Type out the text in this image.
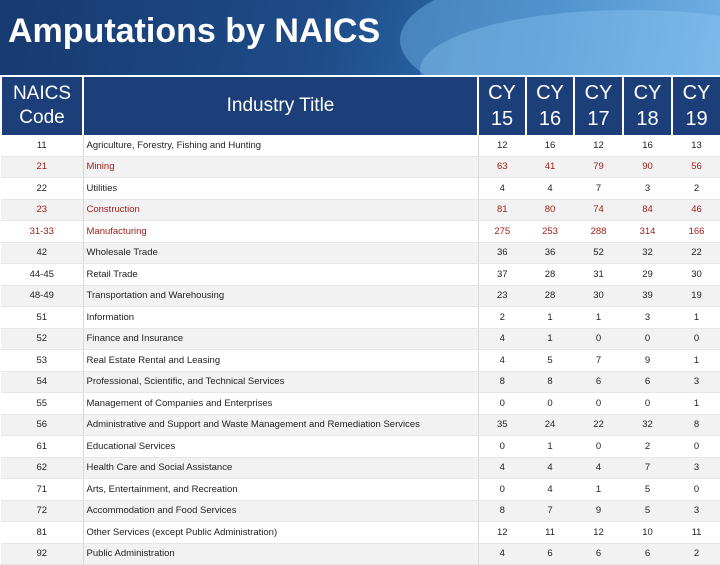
Amputations by NAICS
NAICS Code	Industry Title	CY 15	CY 16	CY 17	CY 18	CY 19
11	Agriculture, Forestry, Fishing and Hunting	12	16	12	16	13
21	Mining	63	41	79	90	56
22	Utilities	4	4	7	3	2
23	Construction	81	80	74	84	46
31-33	Manufacturing	275	253	288	314	166
42	Wholesale Trade	36	36	52	32	22
44-45	Retail Trade	37	28	31	29	30
48-49	Transportation and Warehousing	23	28	30	39	19
51	Information	2	1	1	3	1
52	Finance and Insurance	4	1	0	0	0
53	Real Estate Rental and Leasing	4	5	7	9	1
54	Professional, Scientific, and Technical Services	8	8	6	6	3
55	Management of Companies and Enterprises	0	0	0	0	1
56	Administrative and Support and Waste Management and Remediation Services	35	24	22	32	8
61	Educational Services	0	1	0	2	0
62	Health Care and Social Assistance	4	4	4	7	3
71	Arts, Entertainment, and Recreation	0	4	1	5	0
72	Accommodation and Food Services	8	7	9	5	3
81	Other Services (except Public Administration)	12	11	12	10	11
92	Public Administration	4	6	6	6	2
